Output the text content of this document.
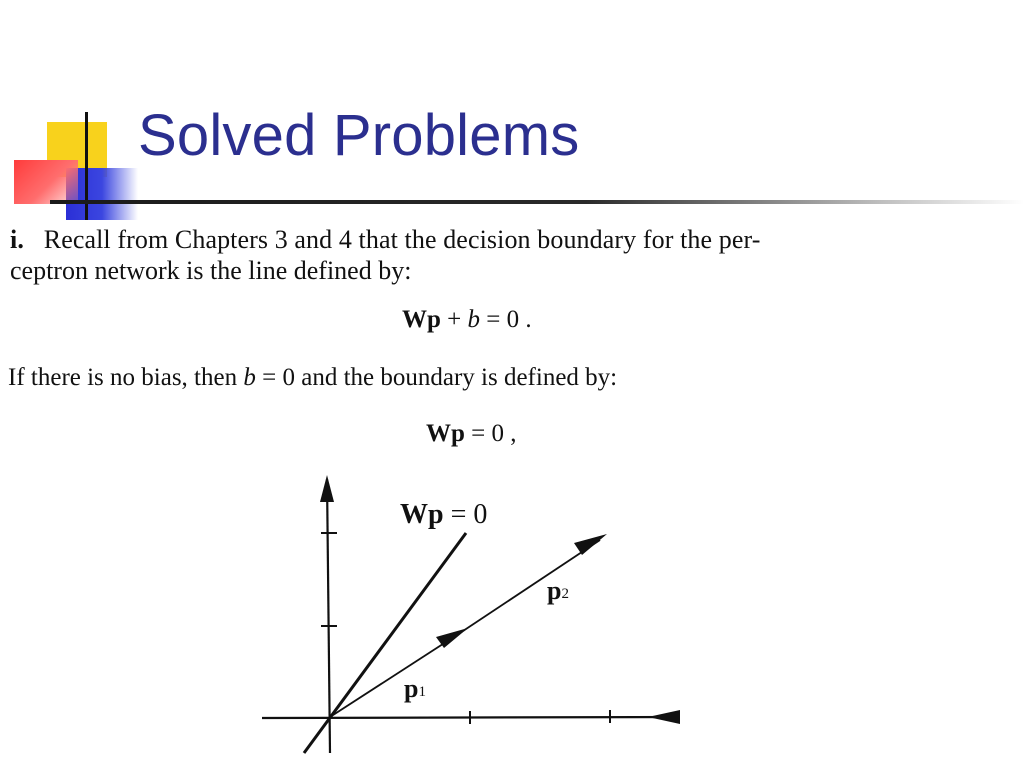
Solved Problems
i. Recall from Chapters 3 and 4 that the decision boundary for the per-
ceptron network is the line defined by:
Wp + b = 0 .
If there is no bias, then b = 0 and the boundary is defined by:
Wp = 0 ,
Wp = 0
p2
p1
